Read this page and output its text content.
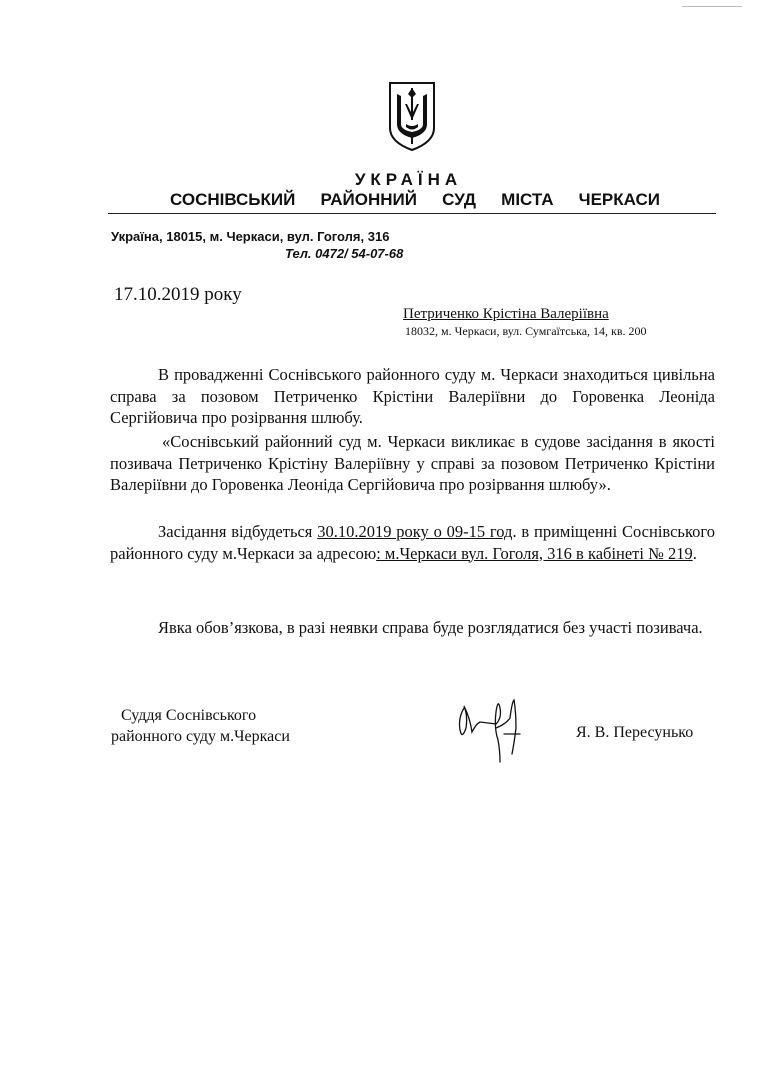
УКРАЇНА
СОСНІВСЬКИЙ РАЙОННИЙ СУД МІСТА ЧЕРКАСИ
Україна, 18015, м. Черкаси, вул. Гоголя, 316
Тел. 0472/ 54-07-68
17.10.2019 року
Петриченко Крістіна Валеріївна
18032, м. Черкаси, вул. Сумгаїтська, 14, кв. 200
В провадженні Соснівського районного суду м. Черкаси знаходиться цивільна справа за позовом Петриченко Крістіни Валеріївни до Горовенка Леоніда Сергійовича про розірвання шлюбу.
«Соснівський районний суд м. Черкаси викликає в судове засідання в якості позивача Петриченко Крістіну Валеріївну у справі за позовом Петриченко Крістіни Валеріївни до Горовенка Леоніда Сергійовича про розірвання шлюбу».
Засідання відбудеться 30.10.2019 року о 09-15 год. в приміщенні Соснівського районного суду м.Черкаси за адресою: м.Черкаси вул. Гоголя, 316 в кабінеті № 219.
Явка обов’язкова, в разі неявки справа буде розглядатися без участі позивача.
Суддя Соснівського
районного суду м.Черкаси	Я. В. Пересунько
